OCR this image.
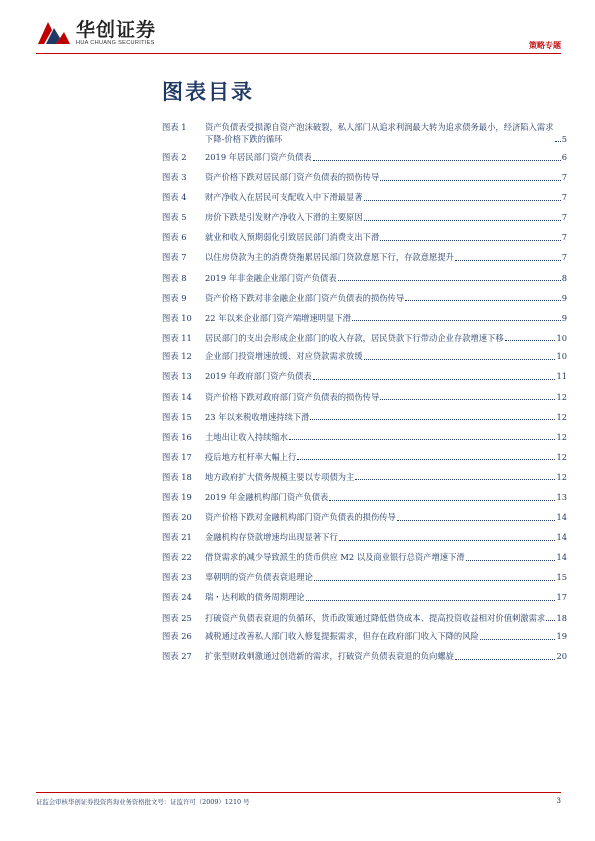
华创证券
HUA CHUANG SECURITIES	策略专题
图表目录
图表 1	资产负债表受损源自资产泡沫破裂，私人部门从追求利润最大转为追求债务最小，经济陷入需求下降-价格下跌的循环	5
图表 2	2019 年居民部门资产负债表	6
图表 3	资产价格下跌对居民部门资产负债表的损伤传导	7
图表 4	财产净收入在居民可支配收入中下滑最显著	7
图表 5	房价下跌是引发财产净收入下滑的主要原因	7
图表 6	就业和收入预期弱化引致居民部门消费支出下滑	7
图表 7	以住房贷款为主的消费贷拖累居民部门贷款意愿下行，存款意愿提升	7
图表 8	2019 年非金融企业部门资产负债表	8
图表 9	资产价格下跌对非金融企业部门资产负债表的损伤传导	9
图表 10	22 年以来企业部门资产端增速明显下滑	9
图表 11	居民部门的支出会形成企业部门的收入存款，居民贷款下行带动企业存款增速下移	10
图表 12	企业部门投资增速放缓、对应贷款需求放缓	10
图表 13	2019 年政府部门资产负债表	11
图表 14	资产价格下跌对政府部门资产负债表的损伤传导	12
图表 15	23 年以来税收增速持续下滑	12
图表 16	土地出让收入持续缩水	12
图表 17	疫后地方杠杆率大幅上行	12
图表 18	地方政府扩大债务规模主要以专项债为主	12
图表 19	2019 年金融机构部门资产负债表	13
图表 20	资产价格下跌对金融机构部门资产负债表的损伤传导	14
图表 21	金融机构存贷款增速均出现显著下行	14
图表 22	借贷需求的减少导致派生的货币供应 M2 以及商业银行总资产增速下滑	14
图表 23	辜朝明的资产负债表衰退理论	15
图表 24	瑞・达利欧的债务周期理论	17
图表 25	打破资产负债表衰退的负循环，货币政策通过降低借贷成本、提高投资收益相对价值刺激需求 18
图表 26	减税通过改善私人部门收入修复提振需求，但存在政府部门收入下降的风险	19
图表 27	扩张型财政刺激通过创造新的需求，打破资产负债表衰退的负向螺旋	20
证监会审核华创证券投资咨询业务资格批文号：证监许可（2009）1210 号	3
